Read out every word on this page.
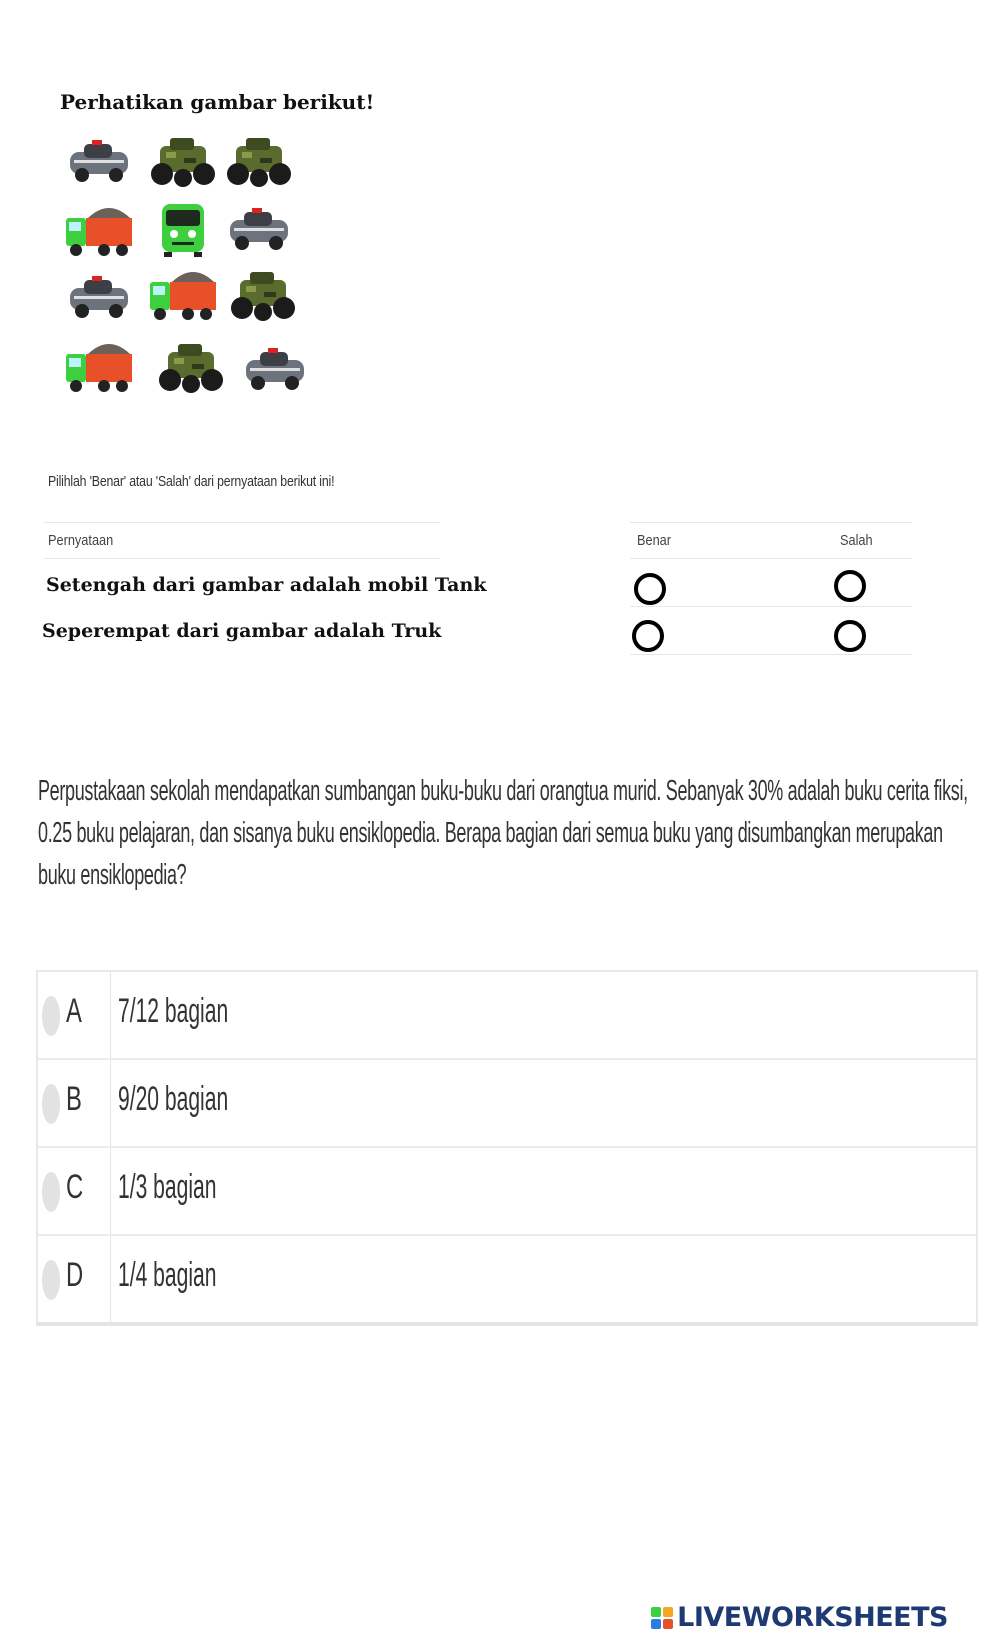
Perhatikan gambar berikut!
Pilihlah 'Benar' atau 'Salah' dari pernyataan berikut ini!
Pernyataan	Benar	Salah
Setengah dari gambar adalah mobil Tank
Seperempat dari gambar adalah Truk
Perpustakaan sekolah mendapatkan sumbangan buku-buku dari orangtua murid. Sebanyak 30% adalah buku cerita fiksi, 0.25 buku pelajaran, dan sisanya buku ensiklopedia. Berapa bagian dari semua buku yang disumbangkan merupakan buku ensiklopedia?
A 7/12 bagian
B 9/20 bagian
C 1/3 bagian
D 1/4 bagian
LIVEWORKSHEETS
